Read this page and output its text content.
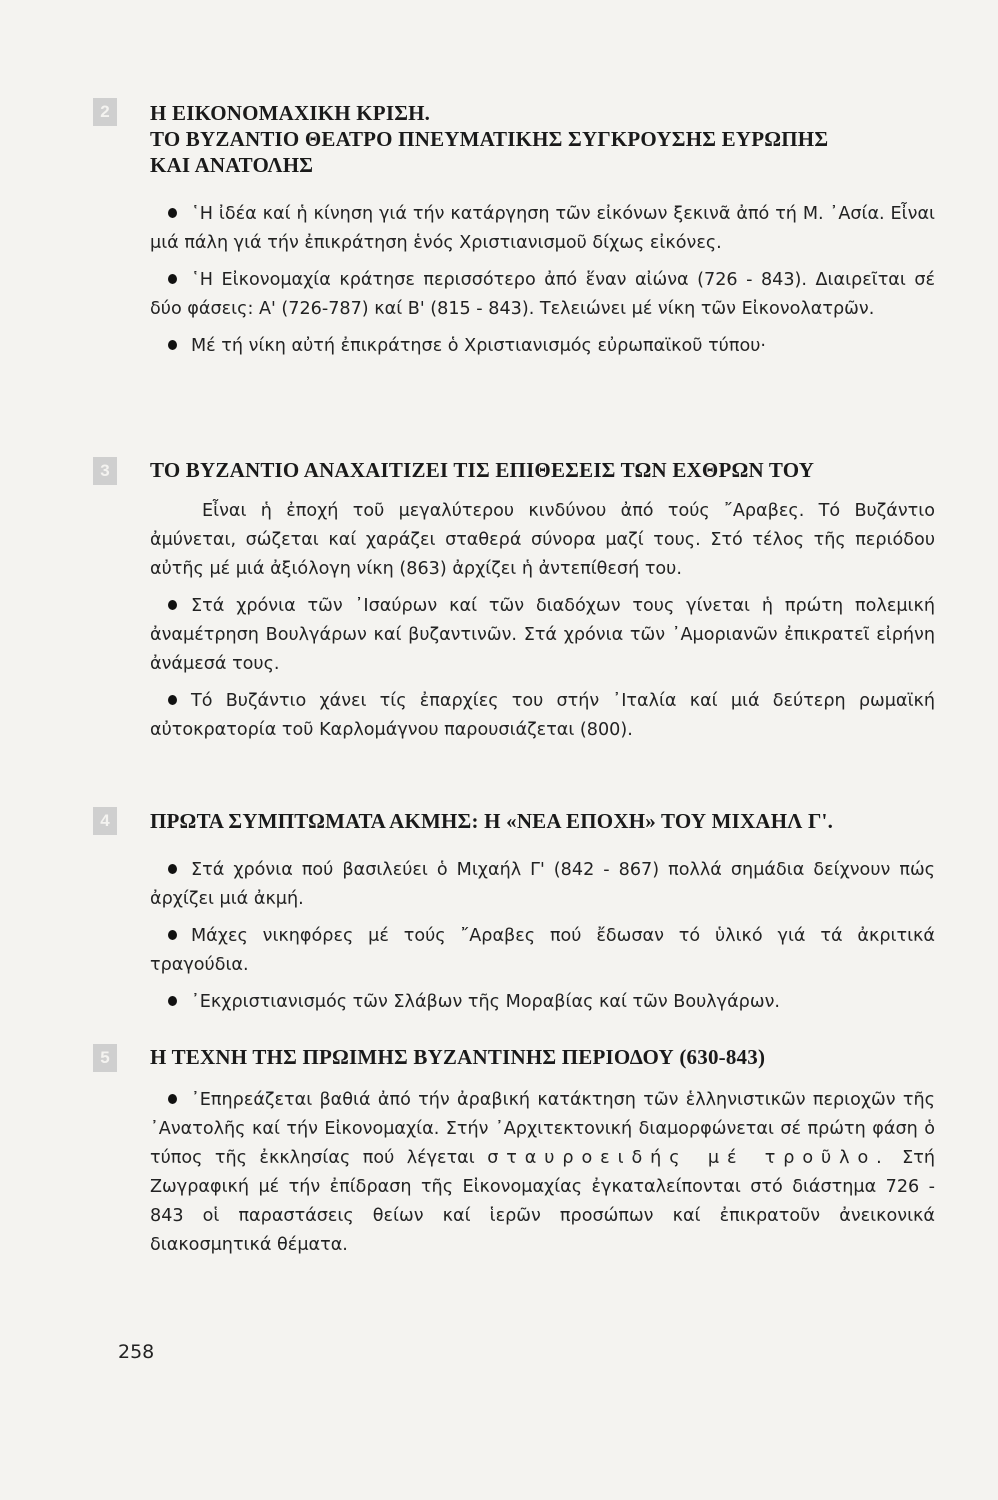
2	Η ΕΙΚΟΝΟΜΑΧΙΚΗ ΚΡΙΣΗ.
ΤΟ ΒΥΖΑΝΤΙΟ ΘΕΑΤΡΟ ΠΝΕΥΜΑΤΙΚΗΣ ΣΥΓΚΡΟΥΣΗΣ ΕΥΡΩΠΗΣ
ΚΑΙ ΑΝΑΤΟΛΗΣ

῾Η ἰδέα καί ἡ κίνηση γιά τήν κατάργηση τῶν εἰκόνων ξεκινᾶ ἀπό τή Μ. ᾿Ασία. Εἶναι μιά πάλη γιά τήν ἐπικράτηση ἑνός Χριστιανισμοῦ δίχως εἰκόνες.

῾Η Εἰκονομαχία κράτησε περισσότερο ἀπό ἕναν αἰώνα (726 - 843). Διαιρεῖται σέ δύο φάσεις: Α' (726-787) καί Β' (815 - 843). Τελειώνει μέ νίκη τῶν Εἰκονολατρῶν.

Μέ τή νίκη αὐτή ἐπικράτησε ὁ Χριστιανισμός εὐρωπαϊκοῦ τύπου·

3	ΤΟ ΒΥΖΑΝΤΙΟ ΑΝΑΧΑΙΤΙΖΕΙ ΤΙΣ ΕΠΙΘΕΣΕΙΣ ΤΩΝ ΕΧΘΡΩΝ ΤΟΥ

Εἶναι ἡ ἐποχή τοῦ μεγαλύτερου κινδύνου ἀπό τούς ῎Αραβες. Τό Βυζάντιο ἀμύνεται, σώζεται καί χαράζει σταθερά σύνορα μαζί τους. Στό τέλος τῆς περιόδου αὐτῆς μέ μιά ἀξιόλογη νίκη (863) ἀρχίζει ἡ ἀντεπίθεσή του.

Στά χρόνια τῶν ᾿Ισαύρων καί τῶν διαδόχων τους γίνεται ἡ πρώτη πολεμική ἀναμέτρηση Βουλγάρων καί βυζαντινῶν. Στά χρόνια τῶν ᾿Αμοριανῶν ἐπικρατεῖ εἰρήνη ἀνάμεσά τους.

Τό Βυζάντιο χάνει τίς ἐπαρχίες του στήν ᾿Ιταλία καί μιά δεύτερη ρωμαϊκή αὐτοκρατορία τοῦ Καρλομάγνου παρουσιάζεται (800).

4	ΠΡΩΤΑ ΣΥΜΠΤΩΜΑΤΑ ΑΚΜΗΣ: Η «ΝΕΑ ΕΠΟΧΗ» ΤΟΥ ΜΙΧΑΗΛ Γ'.

Στά χρόνια πού βασιλεύει ὁ Μιχαήλ Γ' (842 - 867) πολλά σημάδια δείχνουν πώς ἀρχίζει μιά ἀκμή.

Μάχες νικηφόρες μέ τούς ῎Αραβες πού ἔδωσαν τό ὑλικό γιά τά ἀκριτικά τραγούδια.

᾿Εκχριστιανισμός τῶν Σλάβων τῆς Μοραβίας καί τῶν Βουλγάρων.

5	Η ΤΕΧΝΗ ΤΗΣ ΠΡΩΙΜΗΣ ΒΥΖΑΝΤΙΝΗΣ ΠΕΡΙΟΔΟΥ (630-843)

᾿Επηρεάζεται βαθιά ἀπό τήν ἀραβική κατάκτηση τῶν ἑλληνιστικῶν περιοχῶν τῆς ᾿Ανατολῆς καί τήν Εἰκονομαχία. Στήν ᾿Αρχιτεκτονική διαμορφώνεται σέ πρώτη φάση ὁ τύπος τῆς ἐκκλησίας πού λέγεται σταυροειδής μέ τροῦλο. Στή Ζωγραφική μέ τήν ἐπίδραση τῆς Εἰκονομαχίας ἐγκαταλείπονται στό διάστημα 726 - 843 οἱ παραστάσεις θείων καί ἱερῶν προσώπων καί ἐπικρατοῦν ἀνεικονικά διακοσμητικά θέματα.

258
